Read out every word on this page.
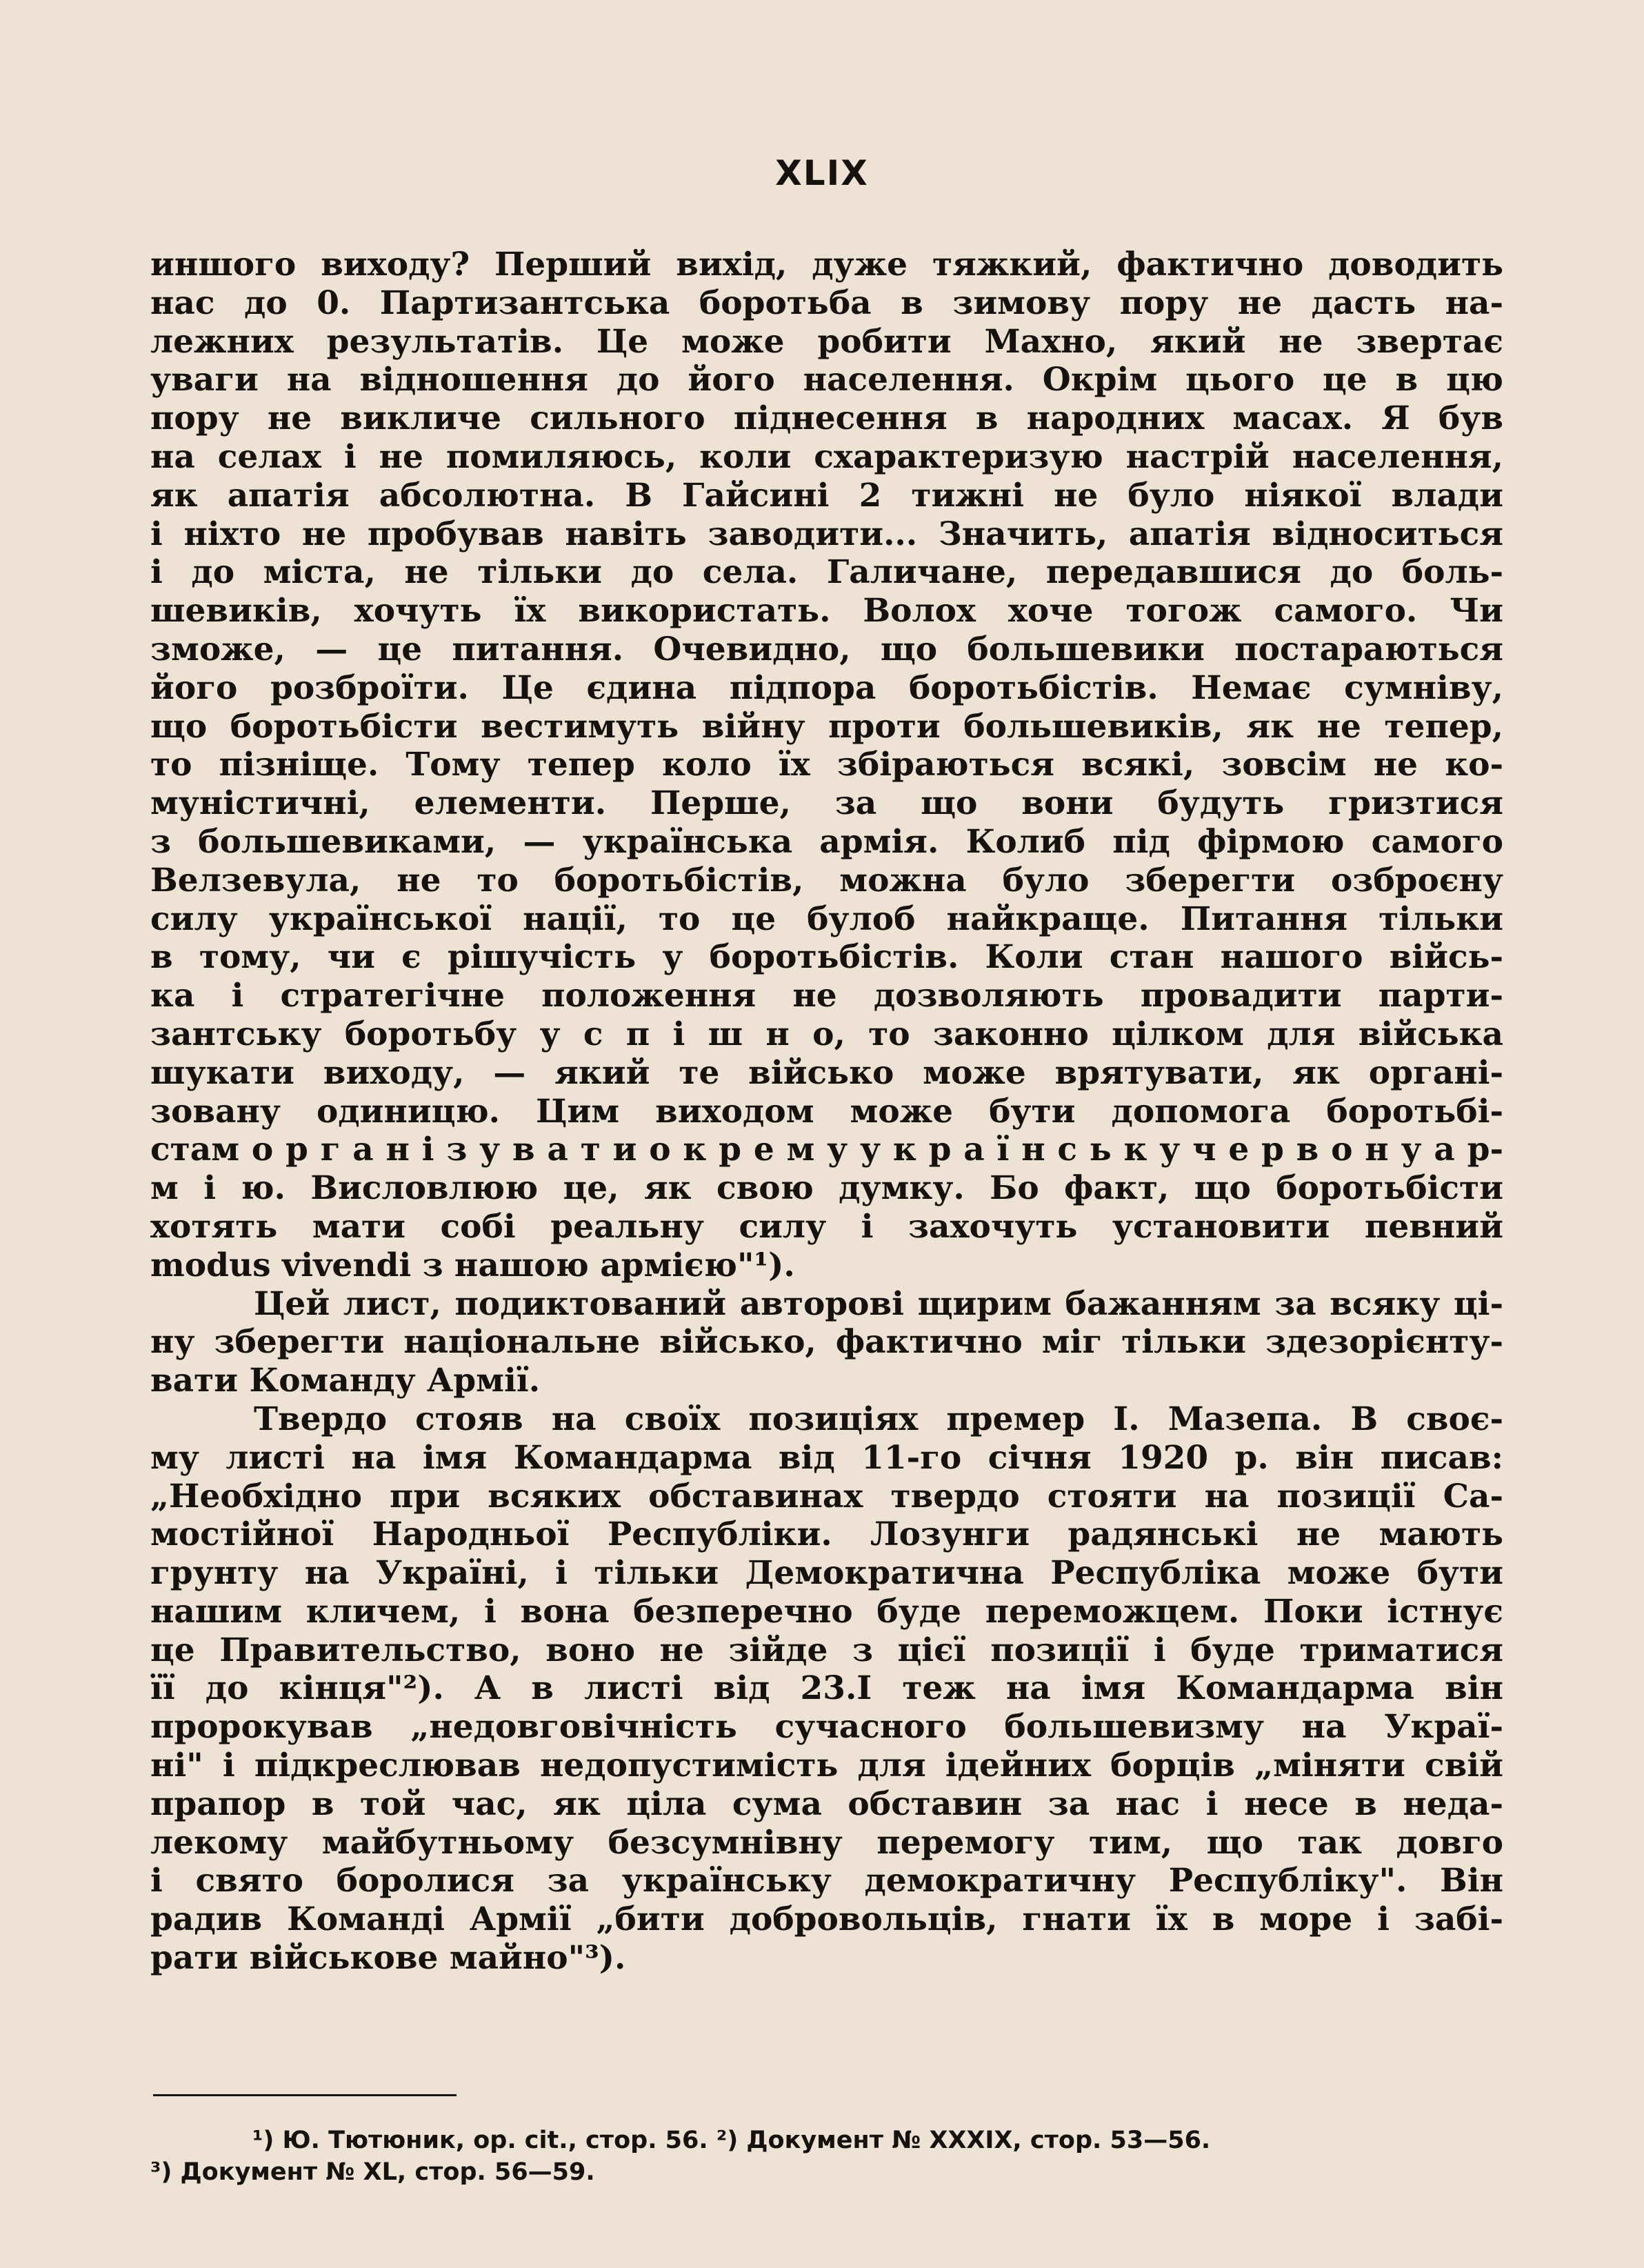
XLIX
иншого виходу? Перший вихід, дуже тяжкий, фактично доводить
нас до 0. Партизантська боротьба в зимову пору не дасть на-
лежних результатів. Це може робити Махно, який не звертає
уваги на відношення до його населення. Окрім цього це в цю
пору не викличе сильного піднесення в народних масах. Я був
на селах і не помиляюсь, коли схарактеризую настрій населення,
як апатія абсолютна. В Гайсині 2 тижні не було ніякої влади
і ніхто не пробував навіть заводити... Значить, апатія відноситься
і до міста, не тільки до села. Галичане, передавшися до боль-
шевиків, хочуть їх використать. Волох хоче тогож самого. Чи
зможе, — це питання. Очевидно, що большевики постараються
його розброїти. Це єдина підпора боротьбістів. Немає сумніву,
що боротьбісти вестимуть війну проти большевиків, як не тепер,
то пізніще. Тому тепер коло їх збіраються всякі, зовсім не ко-
муністичні, елементи. Перше, за що вони будуть гризтися
з большевиками, — українська армія. Колиб під фірмою самого
Велзевула, не то боротьбістів, можна було зберегти озброєну
силу української нації, то це булоб найкраще. Питання тільки
в тому, чи є рішучість у боротьбістів. Коли стан нашого війсь-
ка і стратегічне положення не дозволяють провадити парти-
зантську боротьбу у с п і ш н о, то законно цілком для війська
шукати виходу, — який те військо може врятувати, як органі-
зовану одиницю. Цим виходом може бути допомога боротьбі-
стам о р г а н і з у в а т и о к р е м у у к р а ї н с ь к у ч е р в о н у а р-
м і ю. Висловлюю це, як свою думку. Бо факт, що боротьбісти
хотять мати собі реальну силу і захочуть установити певний
modus vivendi з нашою армією"¹).
Цей лист, подиктований авторові щирим бажанням за всяку ці-
ну зберегти національне військо, фактично міг тільки здезорієнту-
вати Команду Армії.
Твердо стояв на своїх позиціях премер І. Мазепа. В своє-
му листі на імя Командарма від 11-го січня 1920 р. він писав:
„Необхідно при всяких обставинах твердо стояти на позиції Са-
мостійної Народньої Республіки. Лозунги радянські не мають
грунту на Україні, і тільки Демократична Республіка може бути
нашим кличем, і вона безперечно буде переможцем. Поки істнує
це Правительство, воно не зійде з цієї позиції і буде триматися
її до кінця"²). А в листі від 23.І теж на імя Командарма він
пророкував „недовговічність сучасного большевизму на Украї-
ні" і підкреслював недопустимість для ідейних борців „міняти свій
прапор в той час, як ціла сума обставин за нас і несе в неда-
лекому майбутньому безсумнівну перемогу тим, що так довго
і свято боролися за українську демократичну Республіку". Він
радив Команді Армії „бити добровольців, гнати їх в море і забі-
рати військове майно"³).
¹) Ю. Тютюник, op. cit., стор. 56. ²) Документ № XXXIX, стор. 53—56.
³) Документ № XL, стор. 56—59.
